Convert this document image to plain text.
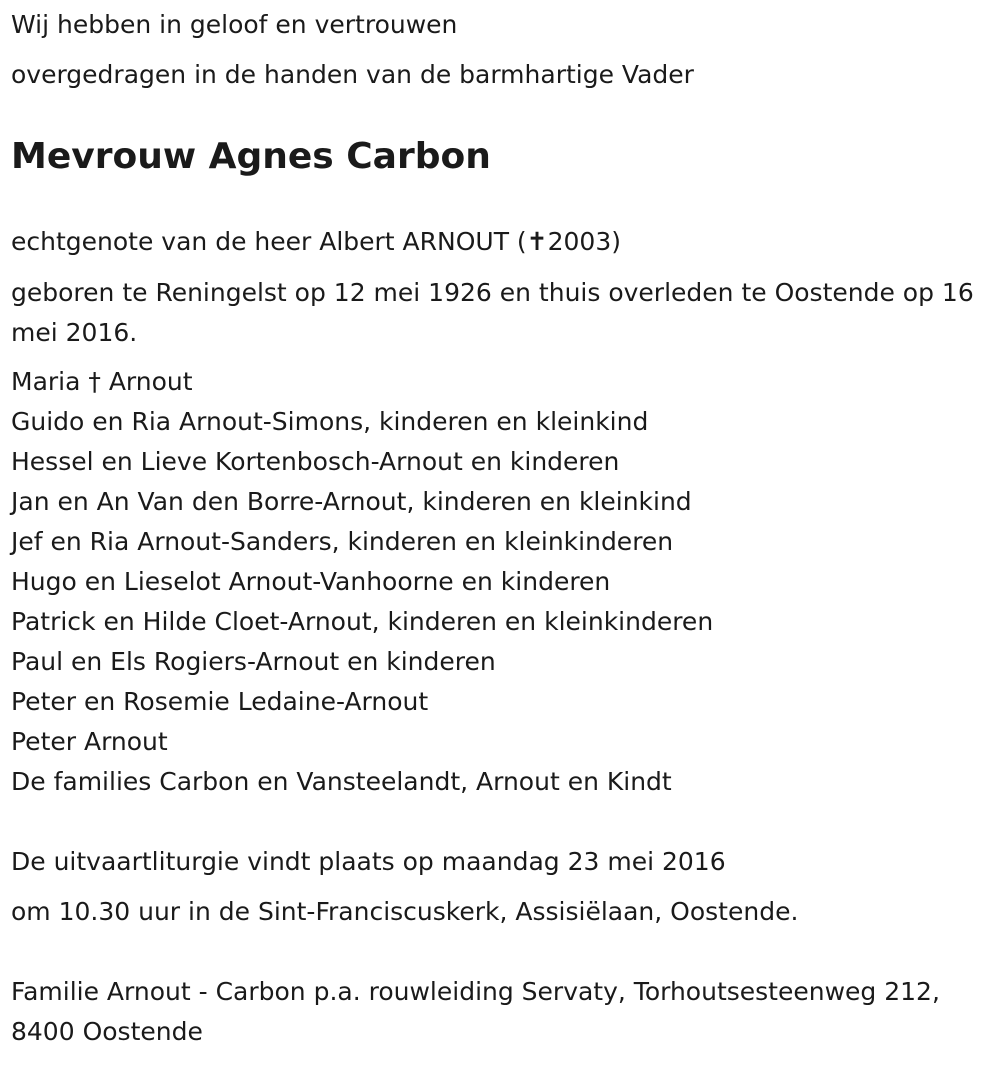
Wij hebben in geloof en vertrouwen

overgedragen in de handen van de barmhartige Vader

Mevrouw Agnes Carbon

echtgenote van de heer Albert ARNOUT (✝2003)

geboren te Reningelst op 12 mei 1926 en thuis overleden te Oostende op 16 mei 2016.

Maria † Arnout
Guido en Ria Arnout-Simons, kinderen en kleinkind
Hessel en Lieve Kortenbosch-Arnout en kinderen
Jan en An Van den Borre-Arnout, kinderen en kleinkind
Jef en Ria Arnout-Sanders, kinderen en kleinkinderen
Hugo en Lieselot Arnout-Vanhoorne en kinderen
Patrick en Hilde Cloet-Arnout, kinderen en kleinkinderen
Paul en Els Rogiers-Arnout en kinderen
Peter en Rosemie Ledaine-Arnout
Peter Arnout
De families Carbon en Vansteelandt, Arnout en Kindt

De uitvaartliturgie vindt plaats op maandag 23 mei 2016

om 10.30 uur in de Sint-Franciscuskerk, Assisiëlaan, Oostende.

Familie Arnout - Carbon p.a. rouwleiding Servaty, Torhoutsesteenweg 212, 8400 Oostende
